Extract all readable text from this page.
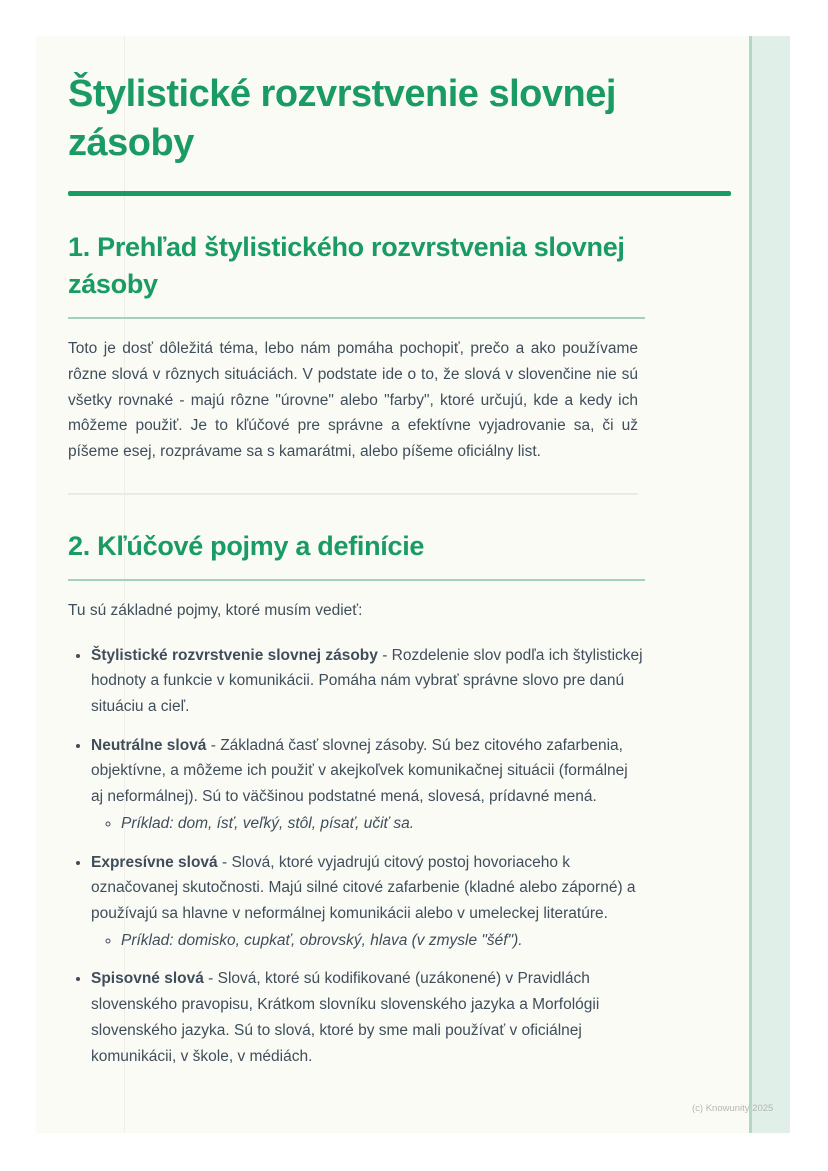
Štylistické rozvrstvenie slovnej zásoby
1. Prehľad štylistického rozvrstvenia slovnej zásoby

Toto je dosť dôležitá téma, lebo nám pomáha pochopiť, prečo a ako používame rôzne slová v rôznych situáciách. V podstate ide o to, že slová v slovenčine nie sú všetky rovnaké - majú rôzne "úrovne" alebo "farby", ktoré určujú, kde a kedy ich môžeme použiť. Je to kľúčové pre správne a efektívne vyjadrovanie sa, či už píšeme esej, rozprávame sa s kamarátmi, alebo píšeme oficiálny list.

2. Kľúčové pojmy a definície

Tu sú základné pojmy, ktoré musím vedieť:

• Štylistické rozvrstvenie slovnej zásoby - Rozdelenie slov podľa ich štylistickej hodnoty a funkcie v komunikácii. Pomáha nám vybrať správne slovo pre danú situáciu a cieľ.
• Neutrálne slová - Základná časť slovnej zásoby. Sú bez citového zafarbenia, objektívne, a môžeme ich použiť v akejkoľvek komunikačnej situácii (formálnej aj neformálnej). Sú to väčšinou podstatné mená, slovesá, prídavné mená.
◦ Príklad: dom, ísť, veľký, stôl, písať, učiť sa.
• Expresívne slová - Slová, ktoré vyjadrujú citový postoj hovoriaceho k označovanej skutočnosti. Majú silné citové zafarbenie (kladné alebo záporné) a používajú sa hlavne v neformálnej komunikácii alebo v umeleckej literatúre.
◦ Príklad: domisko, cupkať, obrovský, hlava (v zmysle "šéf").
• Spisovné slová - Slová, ktoré sú kodifikované (uzákonené) v Pravidlách slovenského pravopisu, Krátkom slovníku slovenského jazyka a Morfológii slovenského jazyka. Sú to slová, ktoré by sme mali používať v oficiálnej komunikácii, v škole, v médiách.
(c) Knowunity 2025
